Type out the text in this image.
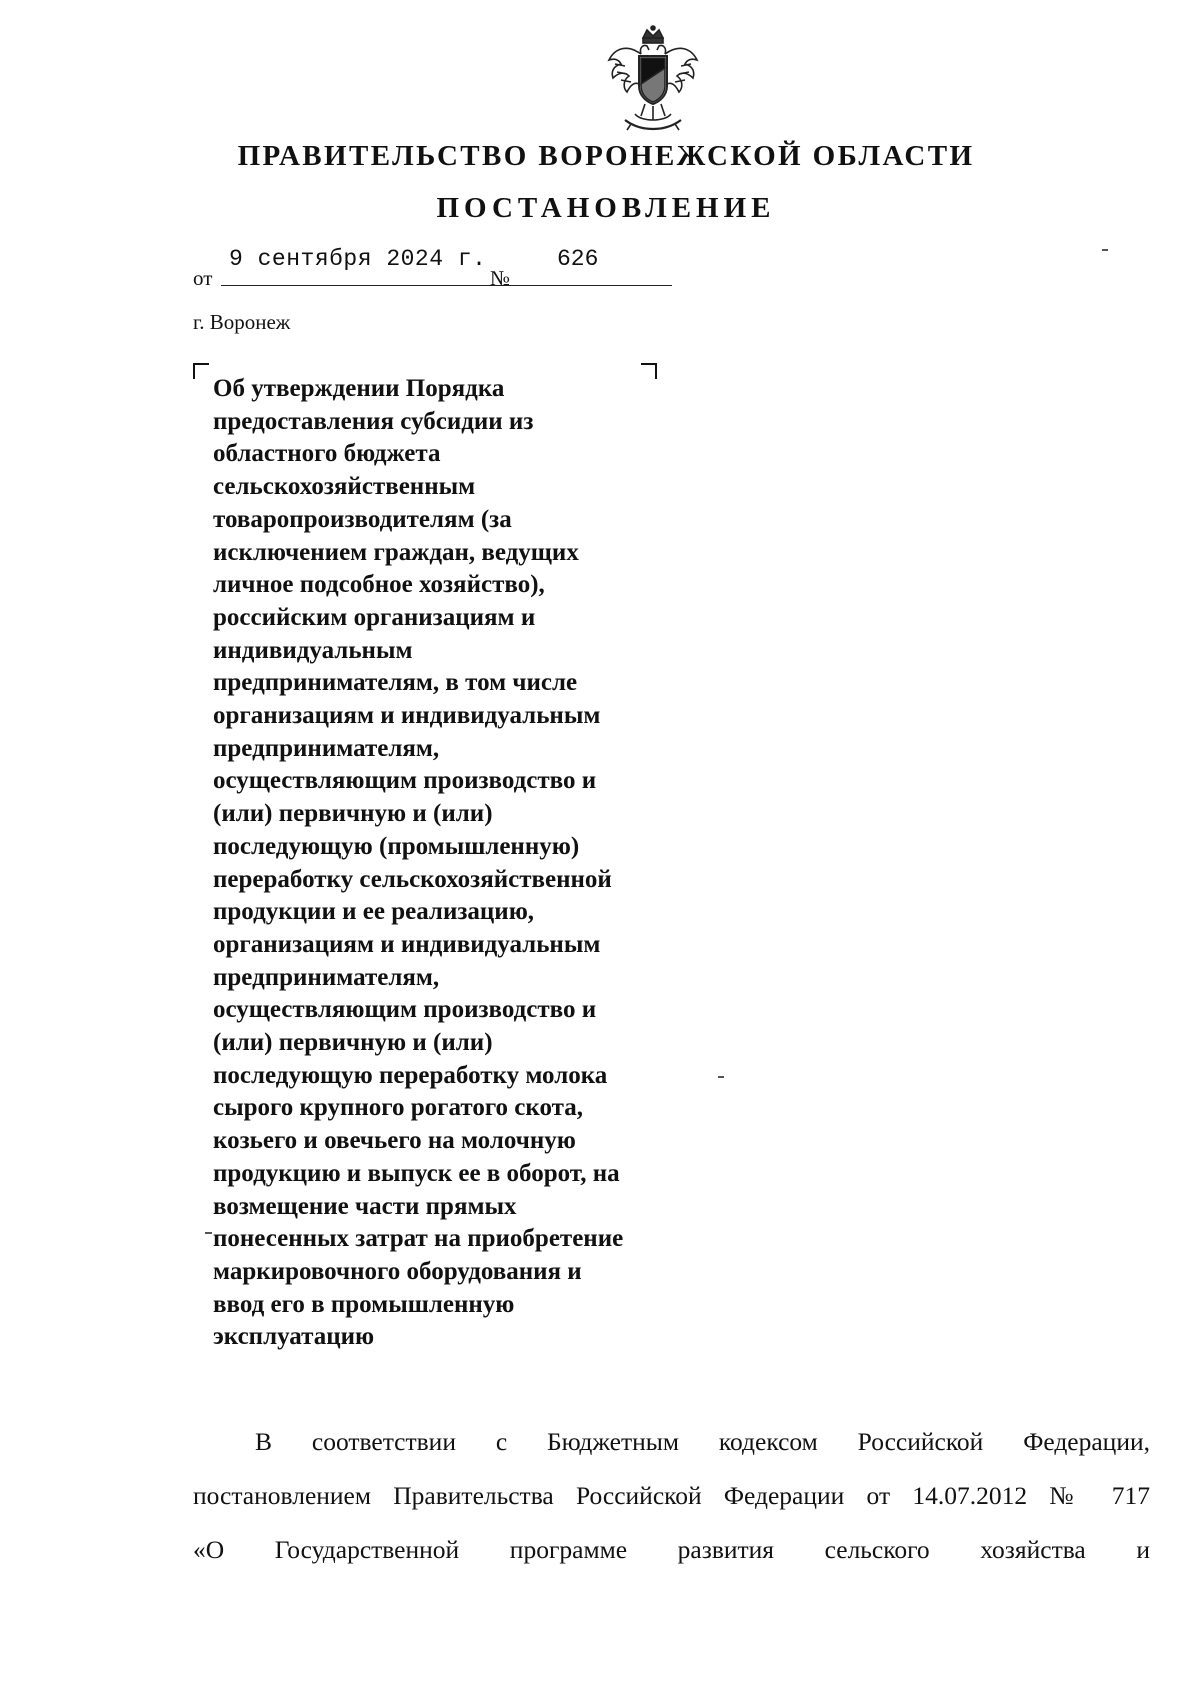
ПРАВИТЕЛЬСТВО ВОРОНЕЖСКОЙ ОБЛАСТИ
ПОСТАНОВЛЕНИЕ
от
9 сентября 2024 г.
№
626
г. Воронеж
Об утверждении Порядка
предоставления субсидии из
областного бюджета
сельскохозяйственным
товаропроизводителям (за
исключением граждан, ведущих
личное подсобное хозяйство),
российским организациям и
индивидуальным
предпринимателям, в том числе
организациям и индивидуальным
предпринимателям,
осуществляющим производство и
(или) первичную и (или)
последующую (промышленную)
переработку сельскохозяйственной
продукции и ее реализацию,
организациям и индивидуальным
предпринимателям,
осуществляющим производство и
(или) первичную и (или)
последующую переработку молока
сырого крупного рогатого скота,
козьего и овечьего на молочную
продукцию и выпуск ее в оборот, на
возмещение части прямых
понесенных затрат на приобретение
маркировочного оборудования и
ввод его в промышленную
эксплуатацию
В соответствии с Бюджетным кодексом Российской Федерации,
постановлением Правительства Российской Федерации от 14.07.2012 № 717
«О Государственной программе развития сельского хозяйства и
